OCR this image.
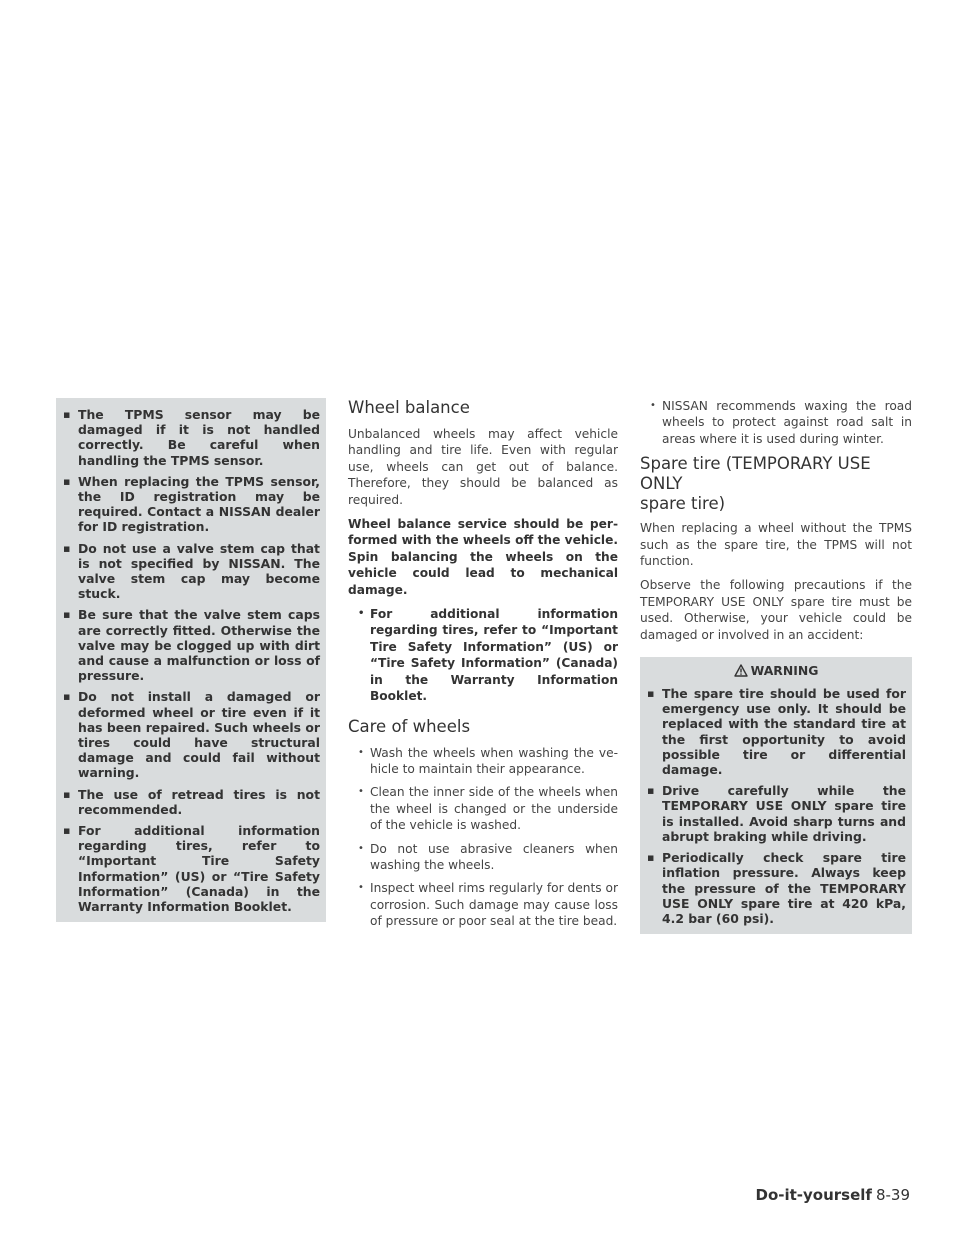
▪ The TPMS sensor may be damaged if it is not handled correctly. Be careful when handling the TPMS sensor.
▪ When replacing the TPMS sensor, the ID registration may be required. Contact a NISSAN dealer for ID registration.
▪ Do not use a valve stem cap that is not specified by NISSAN. The valve stem cap may become stuck.
▪ Be sure that the valve stem caps are correctly fitted. Otherwise the valve may be clogged up with dirt and cause a malfunction or loss of pressure.
▪ Do not install a damaged or deformed wheel or tire even if it has been repaired. Such wheels or tires could have structural damage and could fail without warning.
▪ The use of retread tires is not recommended.
▪ For additional information regarding tires, refer to “Important Tire Safety Information” (US) or “Tire Safety Information” (Canada) in the Warranty Information Booklet.
Wheel balance

Unbalanced wheels may affect vehicle handling and tire life. Even with regular use, wheels can get out of balance. Therefore, they should be balanced as required.

Wheel balance service should be performed with the wheels off the vehicle. Spin balancing the wheels on the vehicle could lead to mechanical damage.

• For additional information regarding tires, refer to “Important Tire Safety Information” (US) or “Tire Safety Information” (Canada) in the Warranty Information Booklet.
Care of wheels
• Wash the wheels when washing the vehicle to maintain their appearance.
• Clean the inner side of the wheels when the wheel is changed or the underside of the vehicle is washed.
• Do not use abrasive cleaners when washing the wheels.
• Inspect wheel rims regularly for dents or corrosion. Such damage may cause loss of pressure or poor seal at the tire bead.
• NISSAN recommends waxing the road wheels to protect against road salt in areas where it is used during winter.
Spare tire (TEMPORARY USE ONLY
spare tire)

When replacing a wheel without the TPMS such as the spare tire, the TPMS will not function.

Observe the following precautions if the TEMPORARY USE ONLY spare tire must be used. Otherwise, your vehicle could be damaged or involved in an accident:

WARNING
▪ The spare tire should be used for emergency use only. It should be replaced with the standard tire at the first opportunity to avoid possible tire or differential damage.
▪ Drive carefully while the TEMPORARY USE ONLY spare tire is installed. Avoid sharp turns and abrupt braking while driving.
▪ Periodically check spare tire inflation pressure. Always keep the pressure of the TEMPORARY USE ONLY spare tire at 420 kPa, 4.2 bar (60 psi).
Do-it-yourself 8-39
